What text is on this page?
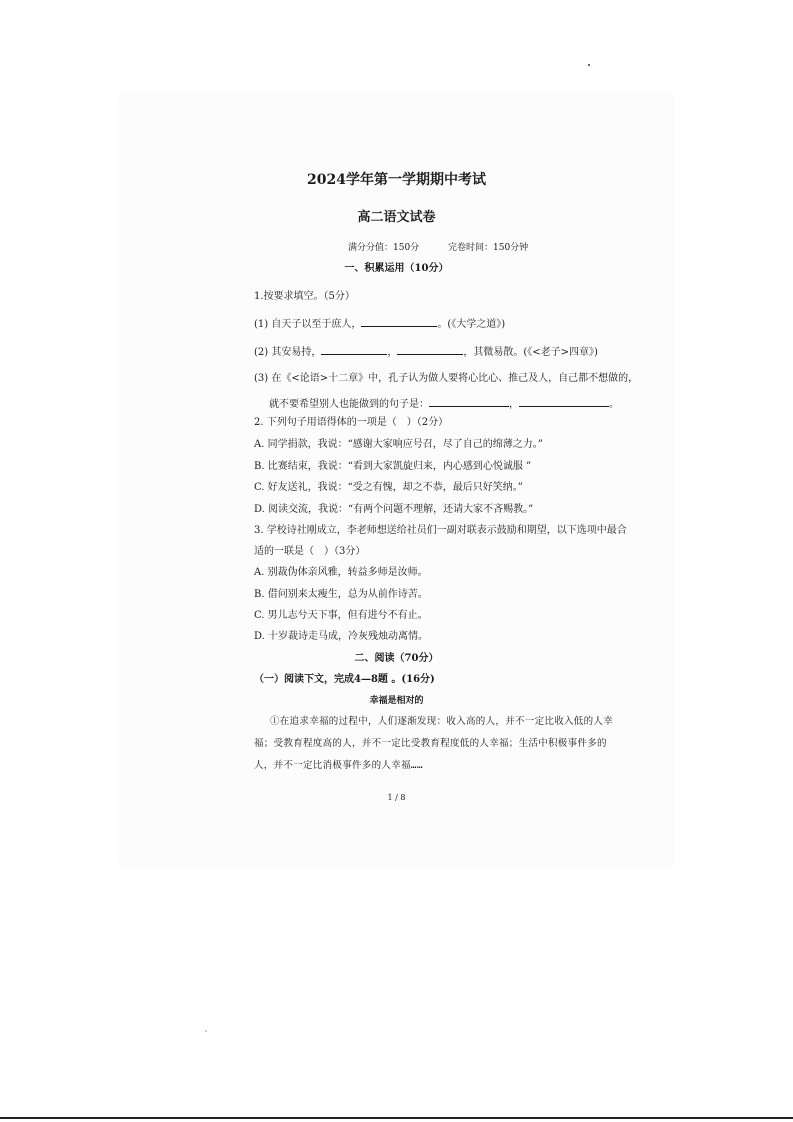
2024学年第一学期期中考试
高二语文试卷
满分分值：150分	完卷时间：150分钟
一、积累运用（10分）
1.按要求填空。（5分）
(1) 自天子以至于庶人，	。(《大学之道》)
(2) 其安易持，	，	，其微易散。(《<老子>四章》)
(3) 在《<论语>十二章》中，孔子认为做人要将心比心、推己及人，自己都不想做的，
就不要希望别人也能做到的句子是：	，	。
2. 下列句子用语得体的一项是（　）（2分）
A. 同学捐款，我说：“感谢大家响应号召，尽了自己的绵薄之力。”
B. 比赛结束，我说：“看到大家凯旋归来，内心感到心悦诚服 ”
C. 好友送礼，我说：“受之有愧，却之不恭，最后只好笑纳。”
D. 阅读交流，我说：“有两个问题不理解，还请大家不吝赐教。”
3. 学校诗社刚成立，李老师想送给社员们一副对联表示鼓励和期望，以下选项中最合
适的一联是（　）（3分）
A. 别裁伪体亲风雅，转益多师是汝师。
B. 借问别来太瘦生，总为从前作诗苦。
C. 男儿志兮天下事，但有进兮不有止。
D. 十岁裁诗走马成，冷灰残烛动离情。
二、阅读（70分）
（一）阅读下文，完成4—8题 。(16分)
幸福是相对的
①在追求幸福的过程中，人们逐渐发现：收入高的人，并不一定比收入低的人幸
福；受教育程度高的人，并不一定比受教育程度低的人幸福；生活中积极事件多的
人，并不一定比消极事件多的人幸福……
1 / 8
